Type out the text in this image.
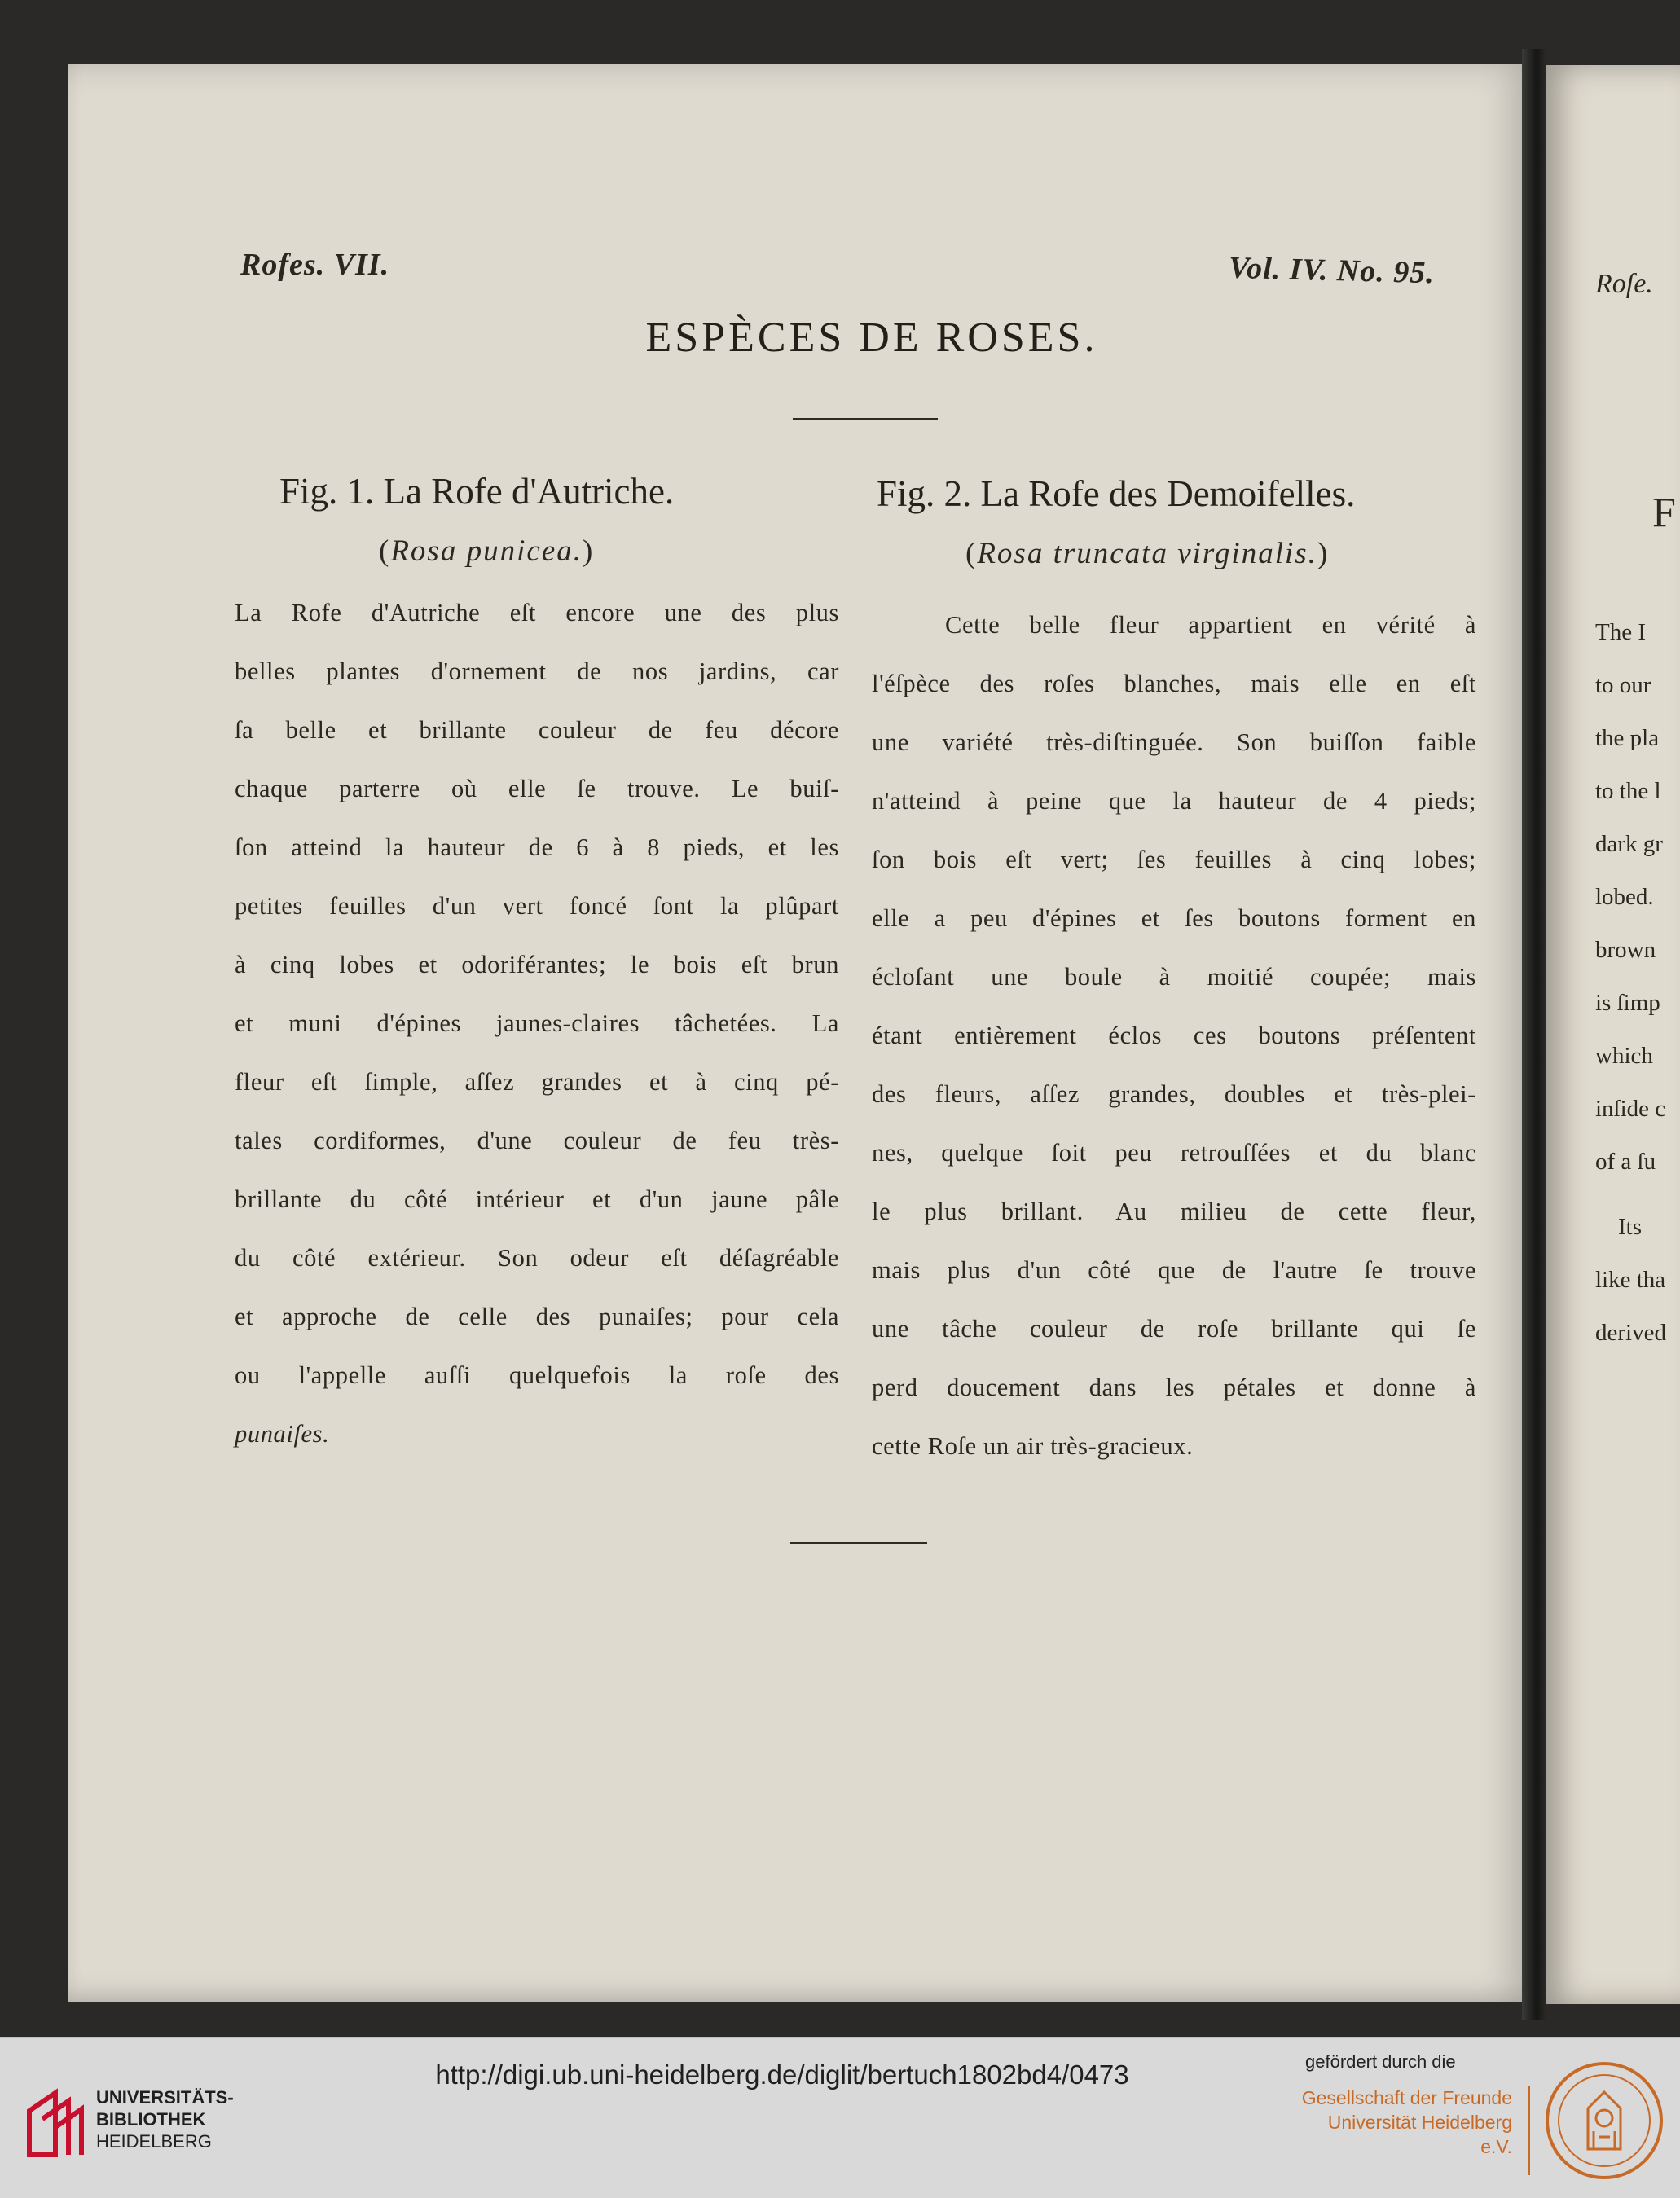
Roſe.
F
The I
to our
the pla
to the l
dark gr
lobed.
brown
is ſimp
which
inſide c
of a ſu
Its
like tha
derived

Rofes. VII.	Vol. IV. No. 95.

ESPÈCES DE ROSES.
Fig. 1. La Rofe d'Autriche.

(Rosa punicea.)

Fig. 2. La Rofe des Demoifelles.

(Rosa truncata virginalis.)

La Rofe d'Autriche eſt encore une des plus
belles plantes d'ornement de nos jardins, car
ſa belle et brillante couleur de feu décore
chaque parterre où elle ſe trouve. Le buiſ-
ſon atteind la hauteur de 6 à 8 pieds, et les
petites feuilles d'un vert foncé ſont la plûpart
à cinq lobes et odoriférantes; le bois eſt brun
et muni d'épines jaunes-claires tâchetées. La
fleur eſt ſimple, aſſez grandes et à cinq pé-
tales cordiformes, d'une couleur de feu très-
brillante du côté intérieur et d'un jaune pâle
du côté extérieur. Son odeur eſt déſagréable
et approche de celle des punaiſes; pour cela
ou l'appelle auſſi quelquefois la roſe des
punaiſes.
Cette belle fleur appartient en vérité à
l'éſpèce des roſes blanches, mais elle en eſt
une variété très-diſtinguée. Son buiſſon faible
n'atteind à peine que la hauteur de 4 pieds;
ſon bois eſt vert; ſes feuilles à cinq lobes;
elle a peu d'épines et ſes boutons forment en
écloſant une boule à moitié coupée; mais
étant entièrement éclos ces boutons préſentent
des fleurs, aſſez grandes, doubles et très-plei-
nes, quelque ſoit peu retrouſſées et du blanc
le plus brillant. Au milieu de cette fleur,
mais plus d'un côté que de l'autre ſe trouve
une tâche couleur de roſe brillante qui ſe
perd doucement dans les pétales et donne à
cette Roſe un air très-gracieux.

UNIVERSITÄTS-
BIBLIOTHEK
HEIDELBERG

http://digi.ub.uni-heidelberg.de/diglit/bertuch1802bd4/0473	gefördert durch die

Gesellschaft der Freunde
Universität Heidelberg e.V.
